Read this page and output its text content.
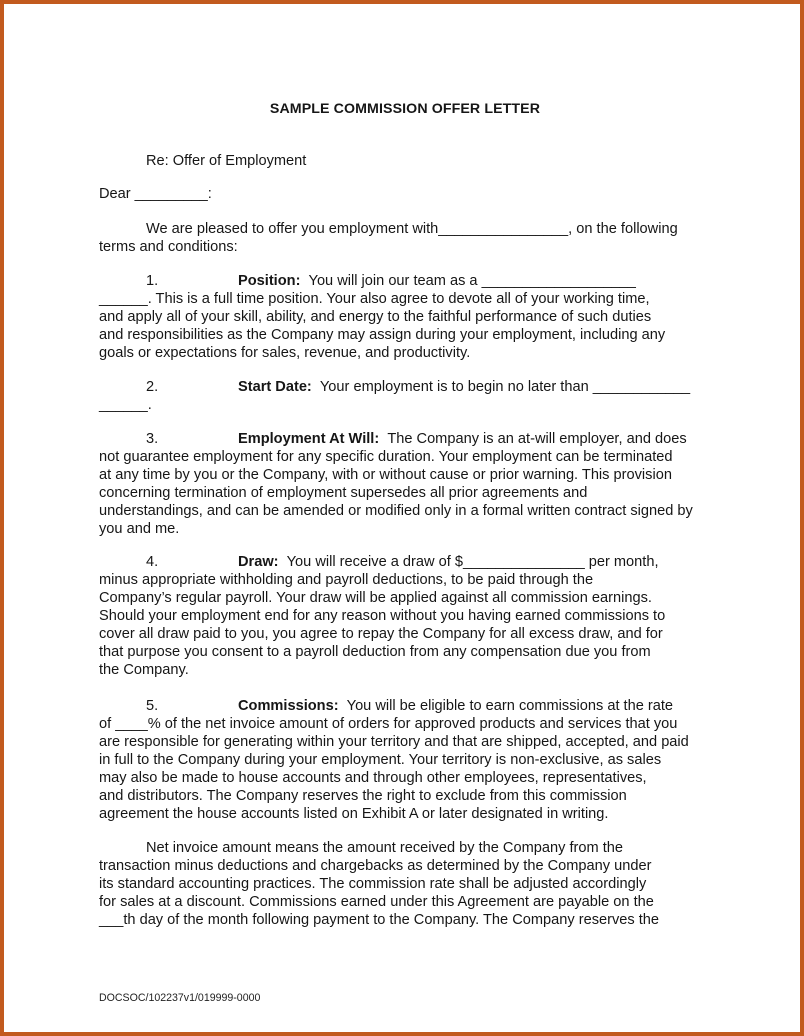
SAMPLE COMMISSION OFFER LETTER
Re: Offer of Employment
Dear _________:

We are pleased to offer you employment with________________, on the following

terms and conditions:

1.	Position: You will join our team as a ___________________

______. This is a full time position. Your also agree to devote all of your working time,

and apply all of your skill, ability, and energy to the faithful performance of such duties

and responsibilities as the Company may assign during your employment, including any

goals or expectations for sales, revenue, and productivity.

2.	Start Date: Your employment is to begin no later than ____________

______.

3.	Employment At Will: The Company is an at-will employer, and does

not guarantee employment for any specific duration. Your employment can be terminated

at any time by you or the Company, with or without cause or prior warning. This provision

concerning termination of employment supersedes all prior agreements and

understandings, and can be amended or modified only in a formal written contract signed by

you and me.

4.	Draw: You will receive a draw of $_______________ per month,

minus appropriate withholding and payroll deductions, to be paid through the

Company’s regular payroll. Your draw will be applied against all commission earnings.

Should your employment end for any reason without you having earned commissions to

cover all draw paid to you, you agree to repay the Company for all excess draw, and for

that purpose you consent to a payroll deduction from any compensation due you from

the Company.

5.	Commissions: You will be eligible to earn commissions at the rate

of ____% of the net invoice amount of orders for approved products and services that you

are responsible for generating within your territory and that are shipped, accepted, and paid

in full to the Company during your employment. Your territory is non-exclusive, as sales

may also be made to house accounts and through other employees, representatives,

and distributors. The Company reserves the right to exclude from this commission

agreement the house accounts listed on Exhibit A or later designated in writing.

Net invoice amount means the amount received by the Company from the

transaction minus deductions and chargebacks as determined by the Company under

its standard accounting practices. The commission rate shall be adjusted accordingly

for sales at a discount. Commissions earned under this Agreement are payable on the

___th day of the month following payment to the Company. The Company reserves the

DOCSOC/102237v1/019999-0000
